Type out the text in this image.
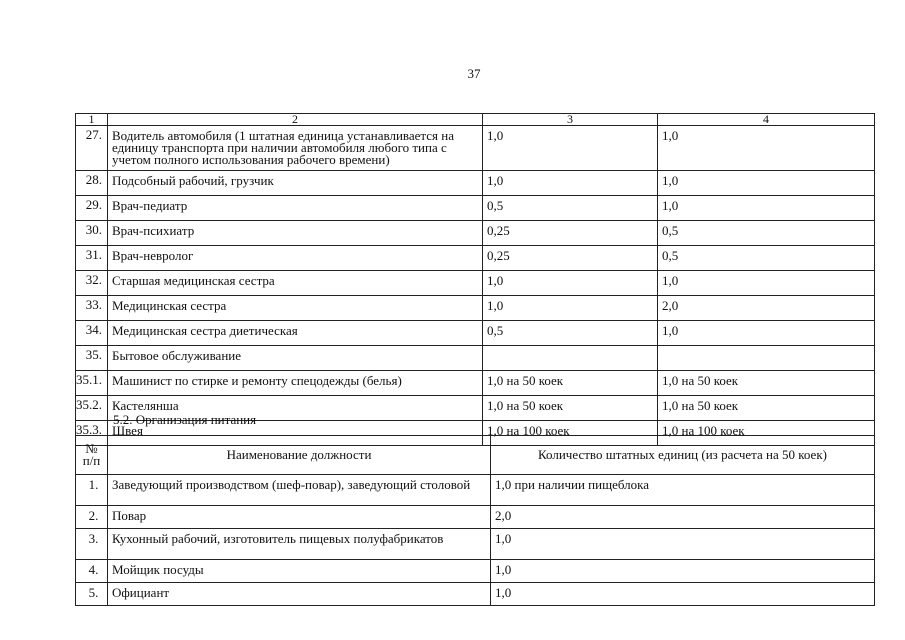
37
1	2	3	4
27.	Водитель автомобиля (1 штатная единица устанавливается на единицу транспорта при наличии автомобиля любого типа с учетом полного использования рабочего времени)	1,0	1,0
28.	Подсобный рабочий, грузчик	1,0	1,0
29.	Врач-педиатр	0,5	1,0
30.	Врач-психиатр	0,25	0,5
31.	Врач-невролог	0,25	0,5
32.	Старшая медицинская сестра	1,0	1,0
33.	Медицинская сестра	1,0	2,0
34.	Медицинская сестра диетическая	0,5	1,0
35.	Бытовое обслуживание		
35.1.	Машинист по стирке и ремонту спецодежды (белья)	1,0 на 50 коек	1,0 на 50 коек
35.2.	Кастелянша	1,0 на 50 коек	1,0 на 50 коек
35.3.	Швея	1,0 на 100 коек	1,0 на 100 коек
5.2. Организация питания
№ п/п	Наименование должности	Количество штатных единиц (из расчета на 50 коек)
1.	Заведующий производством (шеф-повар), заведующий столовой	1,0 при наличии пищеблока
2.	Повар	2,0
3.	Кухонный рабочий, изготовитель пищевых полуфабрикатов	1,0
4.	Мойщик посуды	1,0
5.	Официант	1,0
